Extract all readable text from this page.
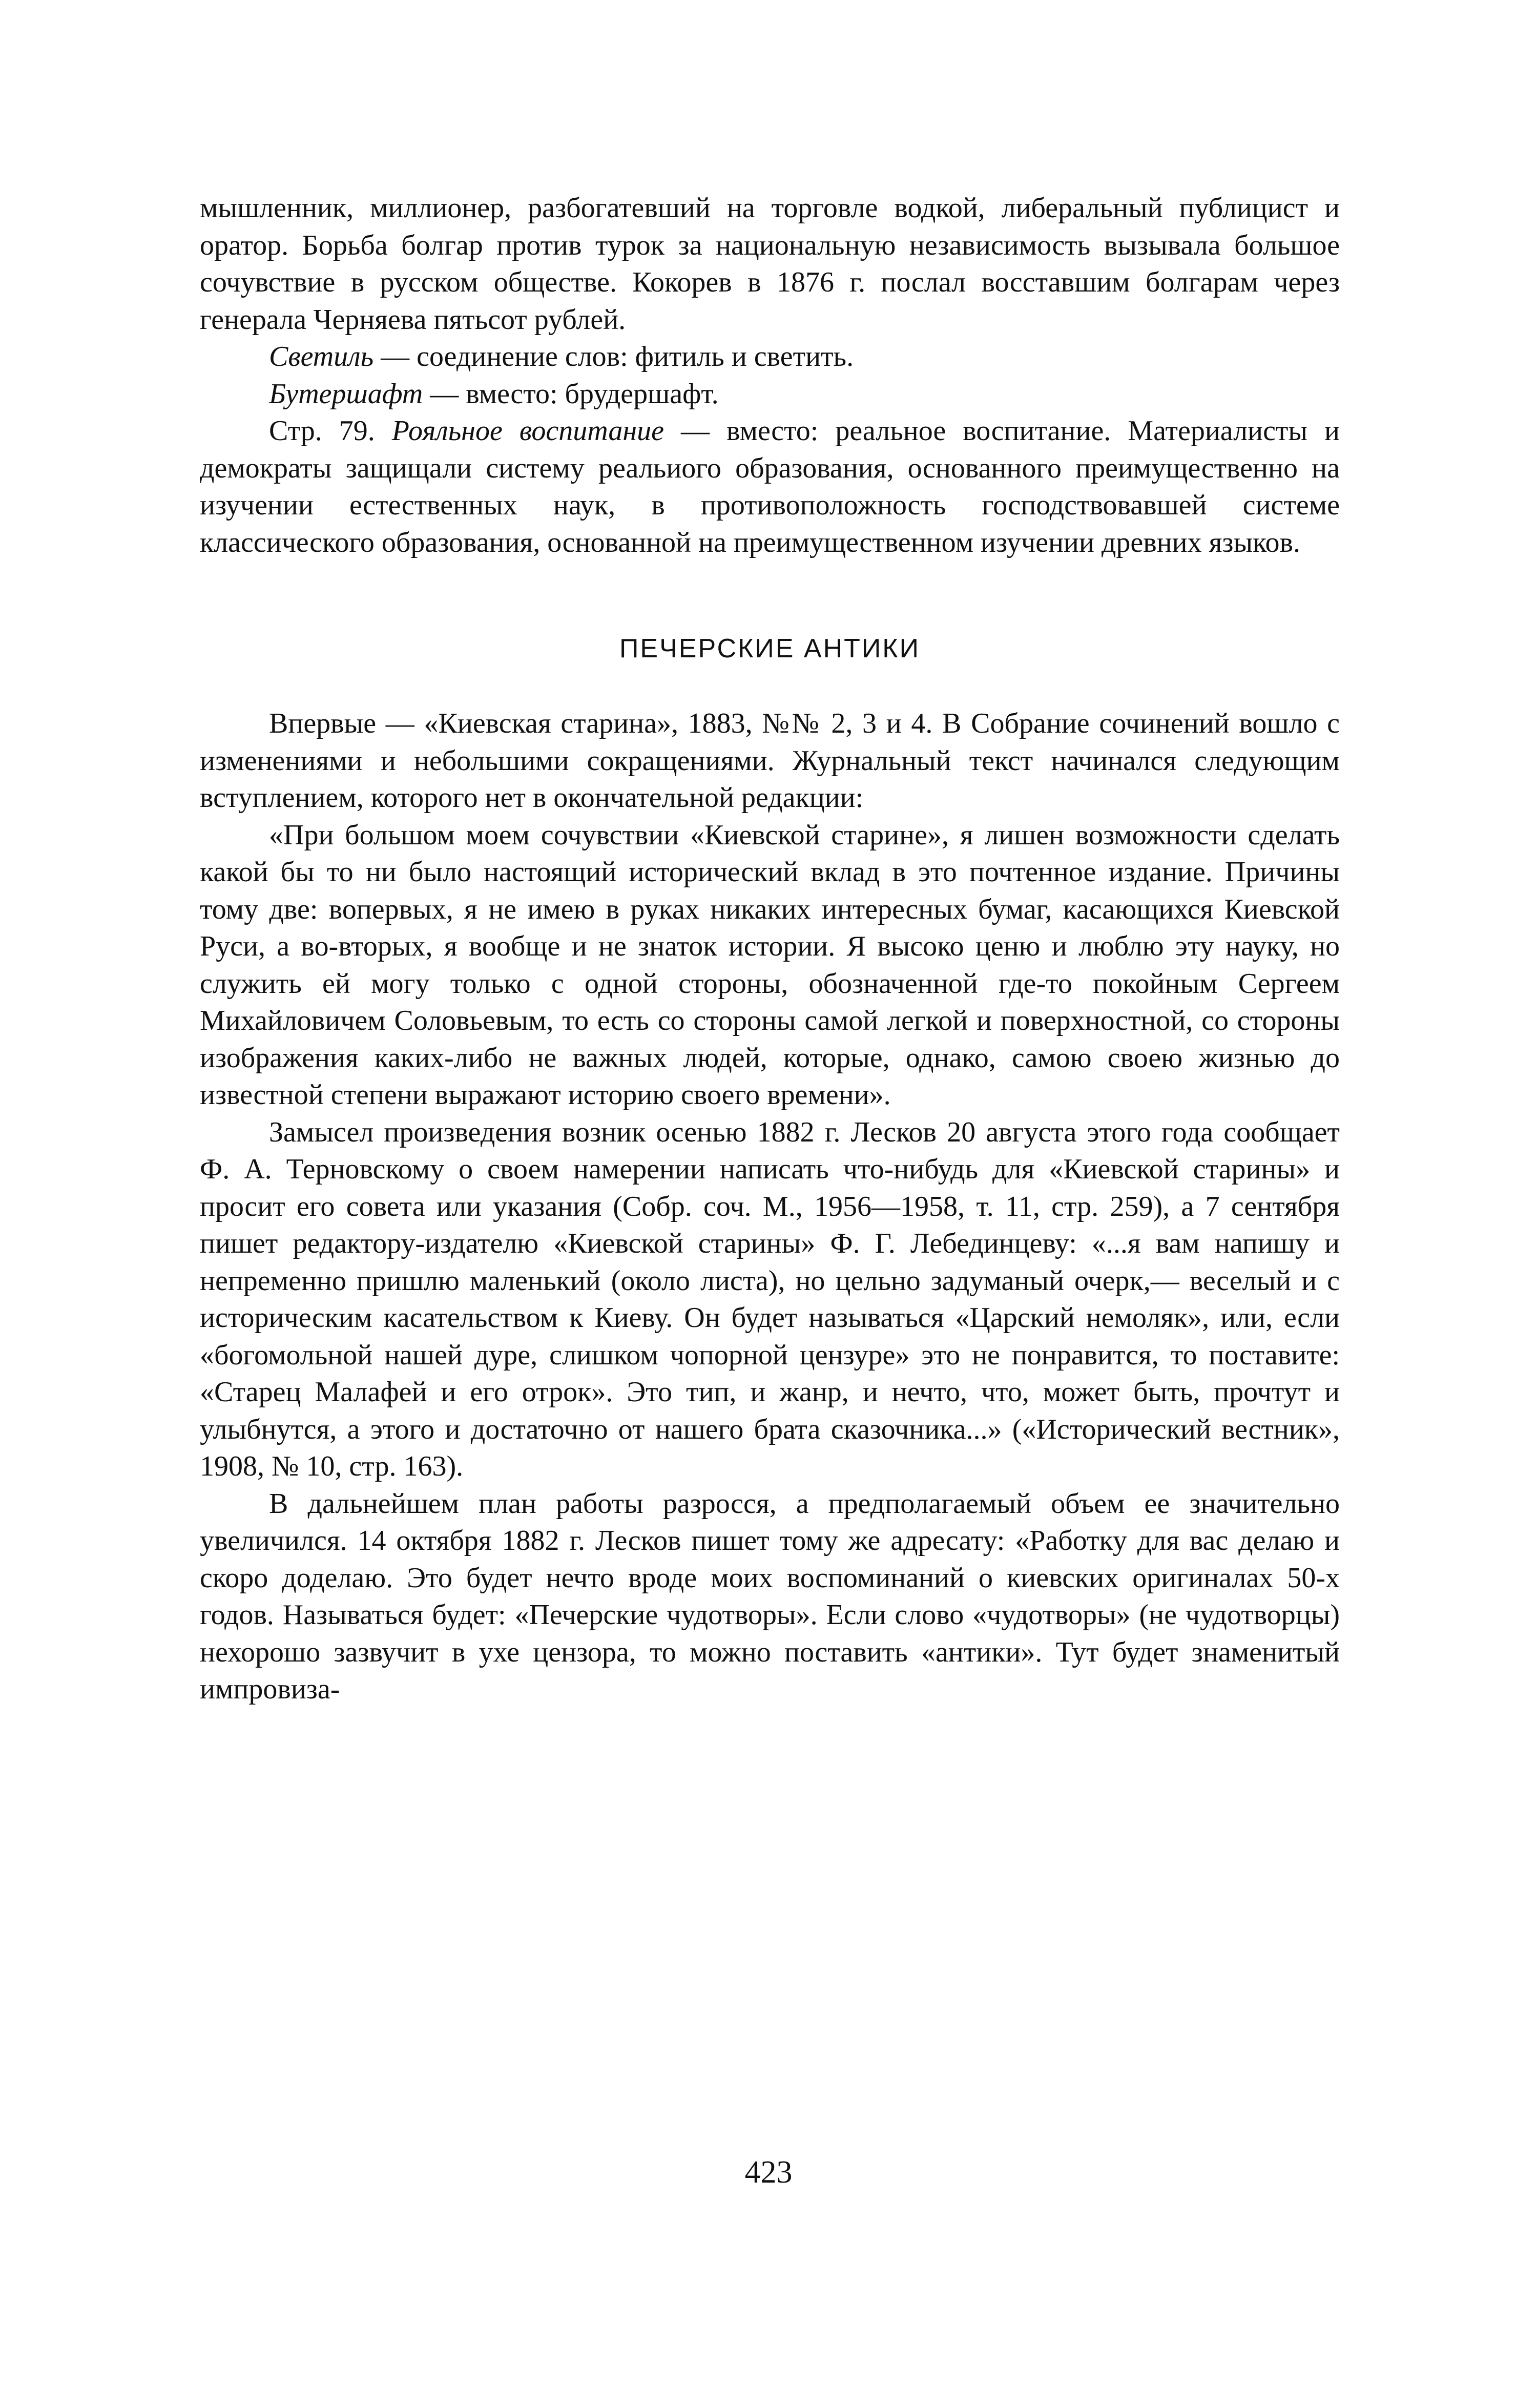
мышленник, миллионер, разбогатевший на торговле водкой, либеральный публицист и оратор. Борьба болгар против турок за национальную независимость вызывала большое сочувствие в русском обществе. Кокорев в 1876 г. послал восставшим болгарам через генерала Черняева пятьсот рублей.

Светиль — соединение слов: фитиль и светить.

Бутершафт — вместо: брудершафт.

Стр. 79. Рояльное воспитание — вместо: реальное воспитание. Материалисты и демократы защищали систему реальиого образования, основанного преимущественно на изучении естественных наук, в противоположность господствовавшей системе классического образования, основанной на преимущественном изучении древних языков.

ПЕЧЕРСКИЕ АНТИКИ

Впервые — «Киевская старина», 1883, №№ 2, 3 и 4. В Собрание сочинений вошло с изменениями и небольшими сокращениями. Журнальный текст начинался следующим вступлением, которого нет в окончательной редакции:

«При большом моем сочувствии «Киевской старине», я лишен возможности сделать какой бы то ни было настоящий исторический вклад в это почтенное издание. Причины тому две: вопервых, я не имею в руках никаких интересных бумаг, касающихся Киевской Руси, а во-вторых, я вообще и не знаток истории. Я высоко ценю и люблю эту науку, но служить ей могу только с одной стороны, обозначенной где-то покойным Сергеем Михайловичем Соловьевым, то есть со стороны самой легкой и поверхностной, со стороны изображения каких-либо не важных людей, которые, однако, самою своею жизнью до известной степени выражают историю своего времени».

Замысел произведения возник осенью 1882 г. Лесков 20 августа этого года сообщает Ф. А. Терновскому о своем намерении написать что-нибудь для «Киевской старины» и просит его совета или указания (Собр. соч. М., 1956—1958, т. 11, стр. 259), а 7 сентября пишет редактору-издателю «Киевской старины» Ф. Г. Лебединцеву: «...я вам напишу и непременно пришлю маленький (около листа), но цельно задуманый очерк,— веселый и с историческим касательством к Киеву. Он будет называться «Царский немоляк», или, если «богомольной нашей дуре, слишком чопорной цензуре» это не понравится, то поставите: «Старец Малафей и его отрок». Это тип, и жанр, и нечто, что, может быть, прочтут и улыбнутся, а этого и достаточно от нашего брата сказочника...» («Исторический вестник», 1908, № 10, стр. 163).

В дальнейшем план работы разросся, а предполагаемый объем ее значительно увеличился. 14 октября 1882 г. Лесков пишет тому же адресату: «Работку для вас делаю и скоро доделаю. Это будет нечто вроде моих воспоминаний о киевских оригиналах 50-х годов. Называться будет: «Печерские чудотворы». Если слово «чудотворы» (не чудотворцы) нехорошо зазвучит в ухе цензора, то можно поставить «антики». Тут будет знаменитый импровиза-

423
